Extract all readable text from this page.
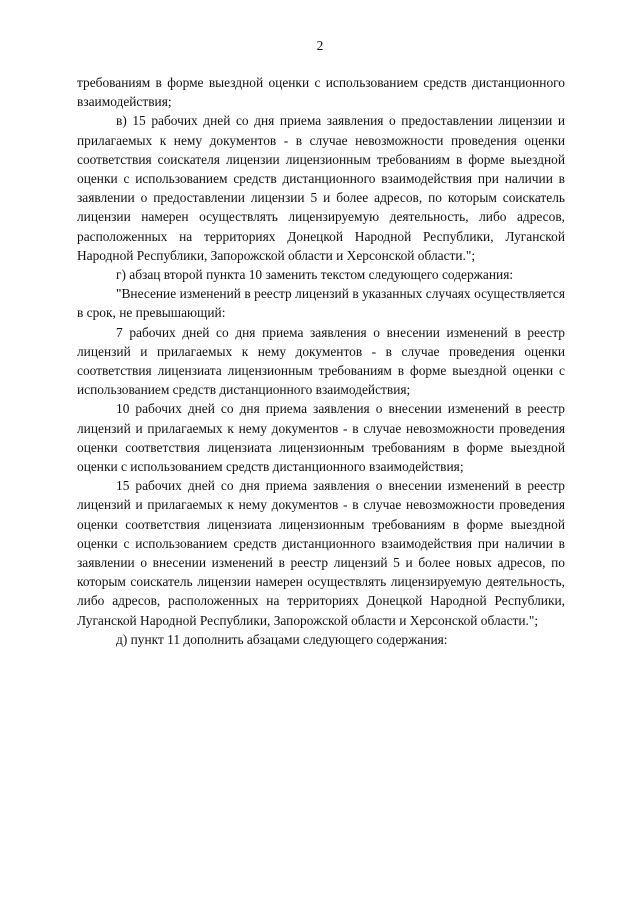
2

требованиям в форме выездной оценки с использованием средств дистанционного взаимодействия;

в) 15 рабочих дней со дня приема заявления о предоставлении лицензии и прилагаемых к нему документов - в случае невозможности проведения оценки соответствия соискателя лицензии лицензионным требованиям в форме выездной оценки с использованием средств дистанционного взаимодействия при наличии в заявлении о предоставлении лицензии 5 и более адресов, по которым соискатель лицензии намерен осуществлять лицензируемую деятельность, либо адресов, расположенных на территориях Донецкой Народной Республики, Луганской Народной Республики, Запорожской области и Херсонской области.";

г) абзац второй пункта 10 заменить текстом следующего содержания:

"Внесение изменений в реестр лицензий в указанных случаях осуществляется в срок, не превышающий:

7 рабочих дней со дня приема заявления о внесении изменений в реестр лицензий и прилагаемых к нему документов - в случае проведения оценки соответствия лицензиата лицензионным требованиям в форме выездной оценки с использованием средств дистанционного взаимодействия;

10 рабочих дней со дня приема заявления о внесении изменений в реестр лицензий и прилагаемых к нему документов - в случае невозможности проведения оценки соответствия лицензиата лицензионным требованиям в форме выездной оценки с использованием средств дистанционного взаимодействия;

15 рабочих дней со дня приема заявления о внесении изменений в реестр лицензий и прилагаемых к нему документов - в случае невозможности проведения оценки соответствия лицензиата лицензионным требованиям в форме выездной оценки с использованием средств дистанционного взаимодействия при наличии в заявлении о внесении изменений в реестр лицензий 5 и более новых адресов, по которым соискатель лицензии намерен осуществлять лицензируемую деятельность, либо адресов, расположенных на территориях Донецкой Народной Республики, Луганской Народной Республики, Запорожской области и Херсонской области.";

д) пункт 11 дополнить абзацами следующего содержания:
